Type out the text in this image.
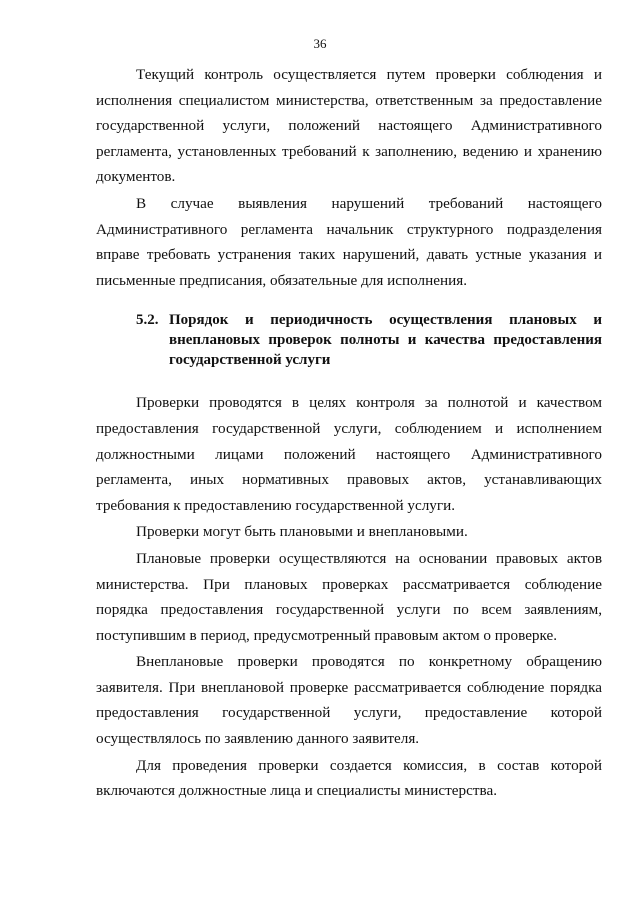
36

Текущий контроль осуществляется путем проверки соблюдения и исполнения специалистом министерства, ответственным за предоставление государственной услуги, положений настоящего Административного регламента, установленных требований к заполнению, ведению и хранению документов.

В случае выявления нарушений требований настоящего Административного регламента начальник структурного подразделения вправе требовать устранения таких нарушений, давать устные указания и письменные предписания, обязательные для исполнения.

5.2. Порядок и периодичность осуществления плановых и внеплановых проверок полноты и качества предоставления государственной услуги

Проверки проводятся в целях контроля за полнотой и качеством предоставления государственной услуги, соблюдением и исполнением должностными лицами положений настоящего Административного регламента, иных нормативных правовых актов, устанавливающих требования к предоставлению государственной услуги.

Проверки могут быть плановыми и внеплановыми.

Плановые проверки осуществляются на основании правовых актов министерства. При плановых проверках рассматривается соблюдение порядка предоставления государственной услуги по всем заявлениям, поступившим в период, предусмотренный правовым актом о проверке.

Внеплановые проверки проводятся по конкретному обращению заявителя. При внеплановой проверке рассматривается соблюдение порядка предоставления государственной услуги, предоставление которой осуществлялось по заявлению данного заявителя.

Для проведения проверки создается комиссия, в состав которой включаются должностные лица и специалисты министерства.
